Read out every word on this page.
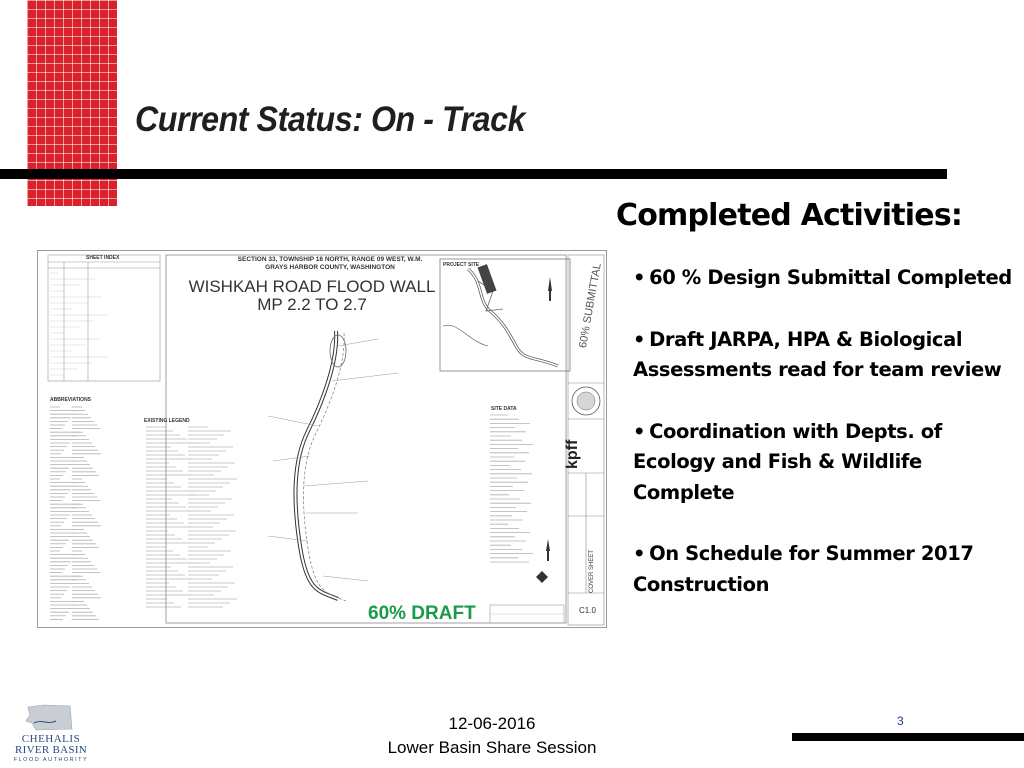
Current Status: On - Track
SHEET INDEX	SECTION 33, TOWNSHIP 18 NORTH, RANGE 09 WEST, W.M.
GRAYS HARBOR COUNTY, WASHINGTON
WISHKAH ROAD FLOOD WALL
MP 2.2 TO 2.7
ABBREVIATIONS
EXISTING LEGEND
PROJECT SITE
SITE DATA
60% SUBMITTAL
kpff
COVER SHEET
C1.0
60% DRAFT
Completed Activities:
• 60 % Design Submittal Completed
• Draft JARPA, HPA & Biological Assessments read for team review
• Coordination with Depts. of Ecology and Fish & Wildlife Complete
• On Schedule for Summer 2017 Construction
CHEHALIS
RIVER BASIN
FLOOD AUTHORITY
12-06-2016
Lower Basin Share Session
3
